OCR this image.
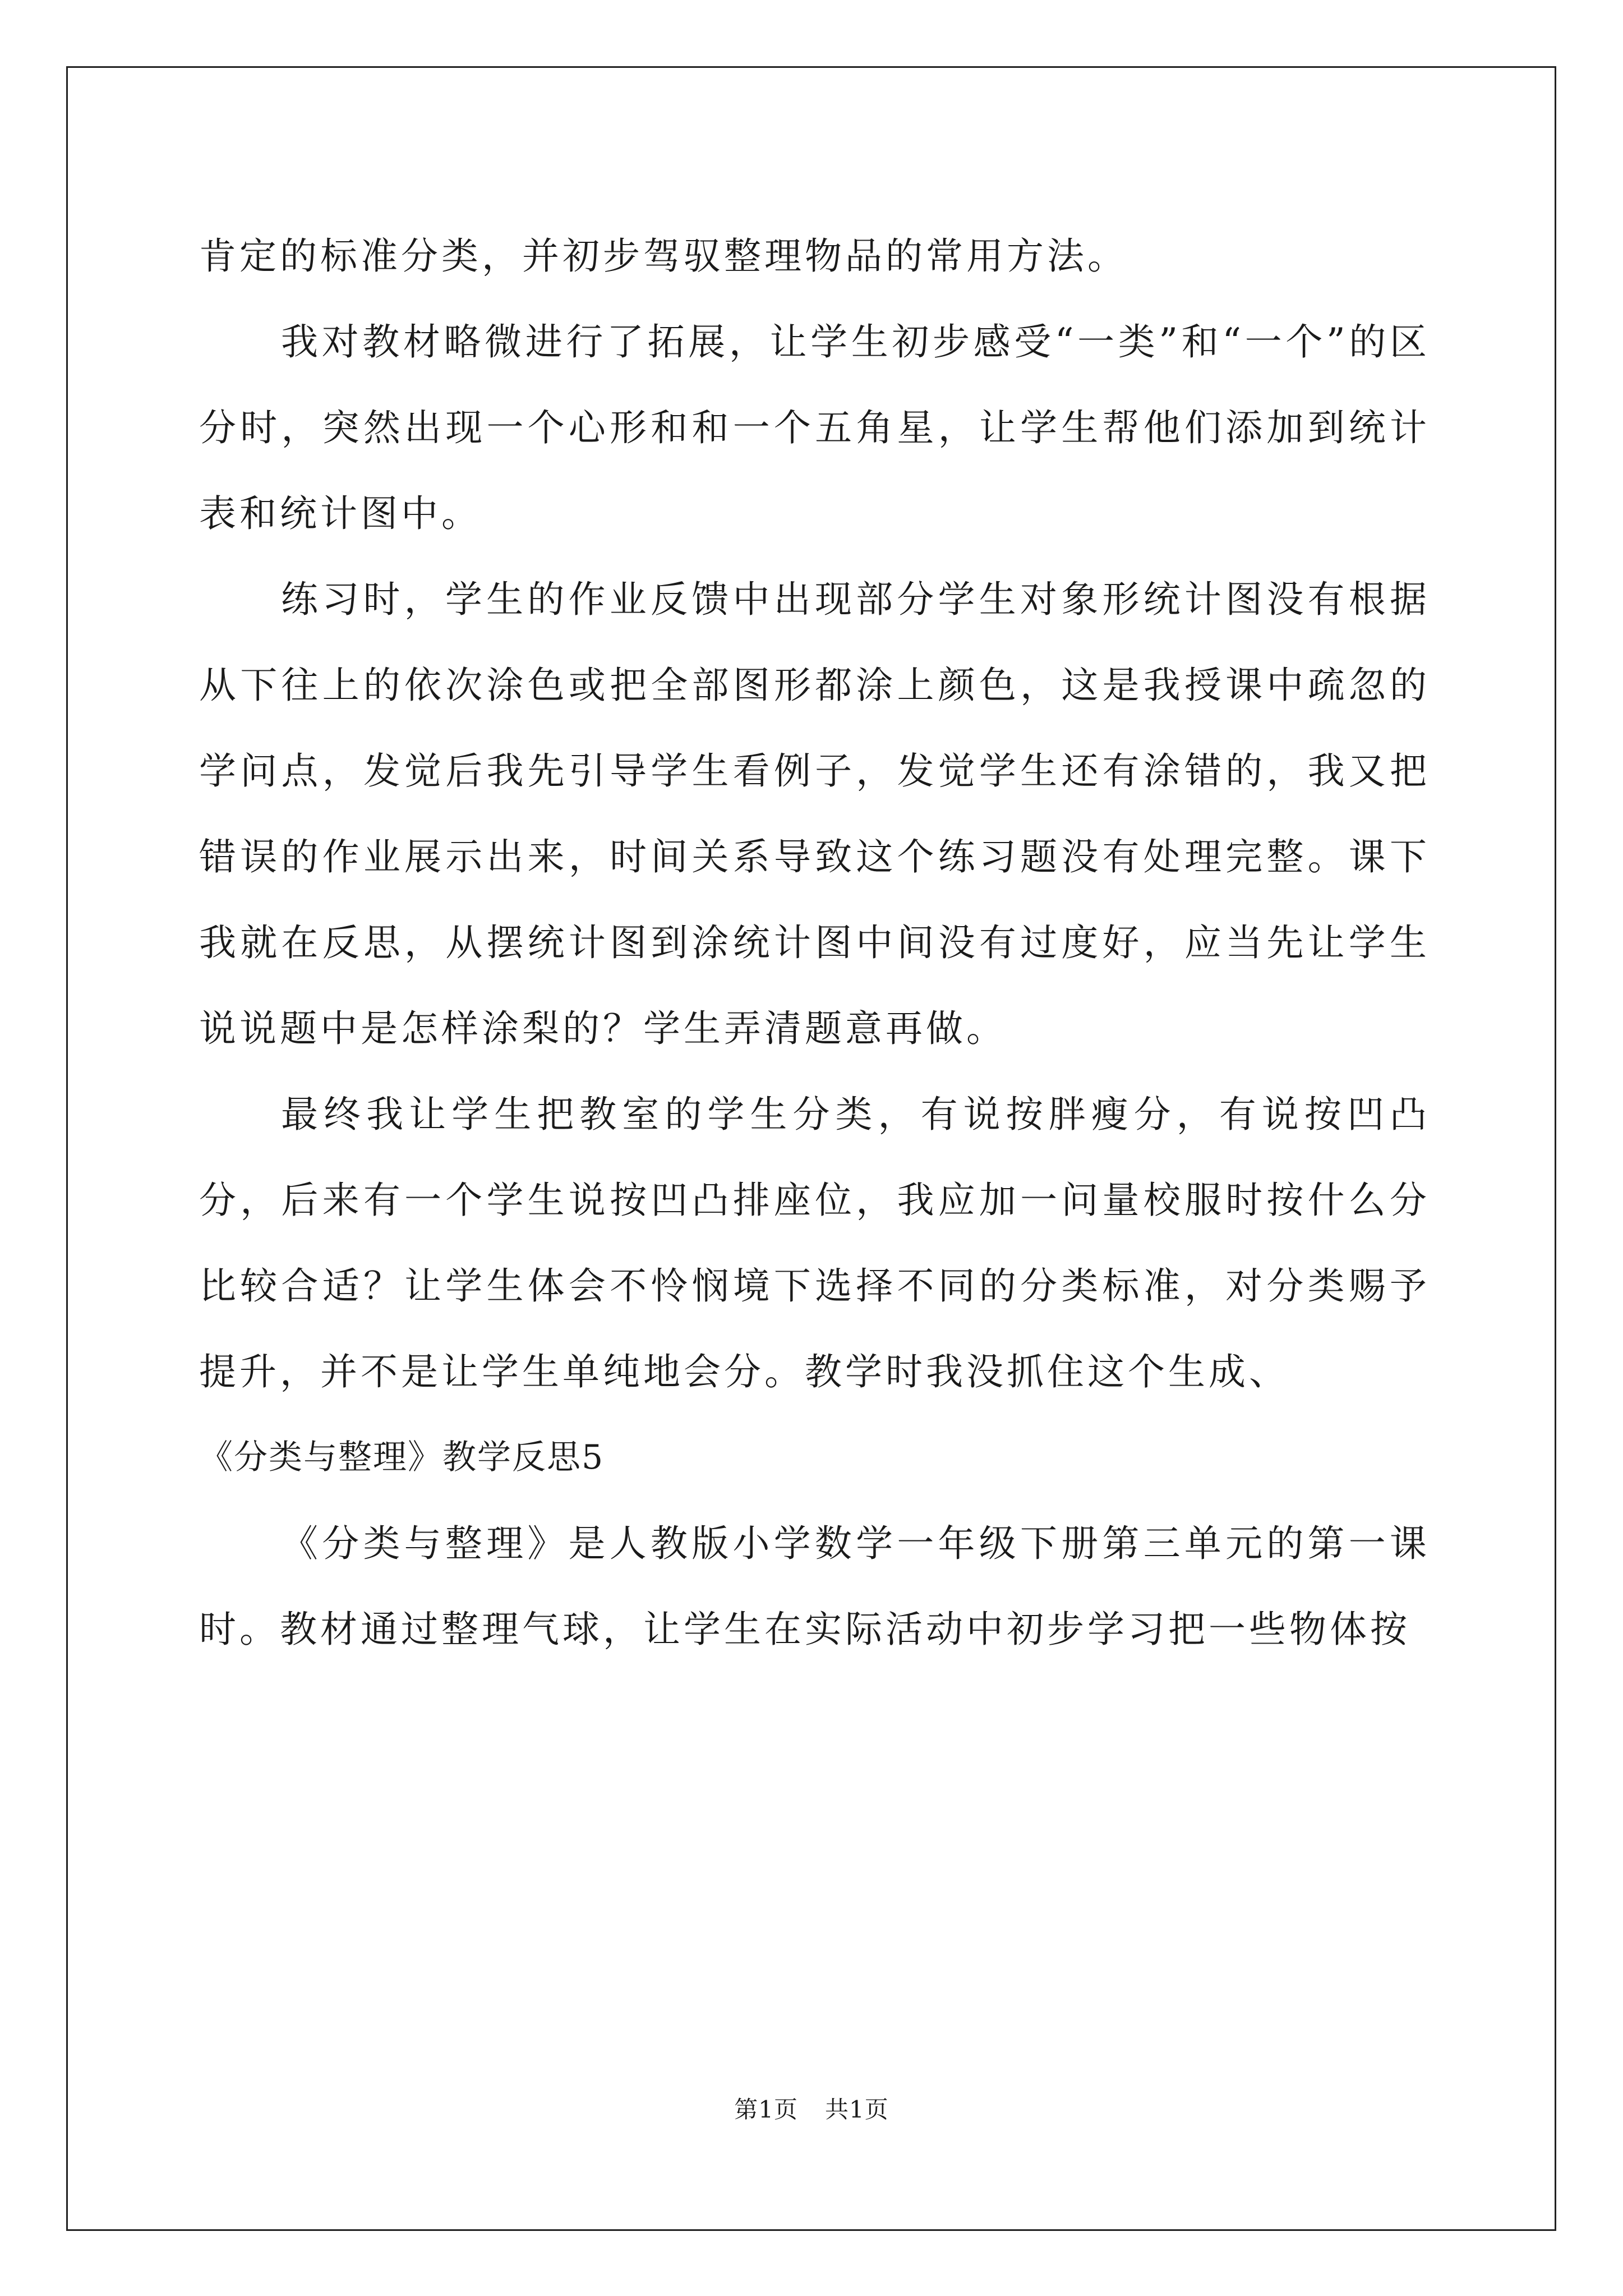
肯定的标准分类，并初步驾驭整理物品的常用方法。

我对教材略微进行了拓展，让学生初步感受“一类”和“一个”的区分时，突然出现一个心形和和一个五角星，让学生帮他们添加到统计表和统计图中。

练习时，学生的作业反馈中出现部分学生对象形统计图没有根据从下往上的依次涂色或把全部图形都涂上颜色，这是我授课中疏忽的学问点，发觉后我先引导学生看例子，发觉学生还有涂错的，我又把错误的作业展示出来，时间关系导致这个练习题没有处理完整。课下我就在反思，从摆统计图到涂统计图中间没有过度好，应当先让学生说说题中是怎样涂梨的？学生弄清题意再做。

最终我让学生把教室的学生分类，有说按胖瘦分，有说按凹凸分，后来有一个学生说按凹凸排座位，我应加一问量校服时按什么分比较合适？让学生体会不怜悯境下选择不同的分类标准，对分类赐予提升，并不是让学生单纯地会分。教学时我没抓住这个生成、

《分类与整理》教学反思5

《分类与整理》是人教版小学数学一年级下册第三单元的第一课时。教材通过整理气球，让学生在实际活动中初步学习把一些物体按

第1页 共1页
